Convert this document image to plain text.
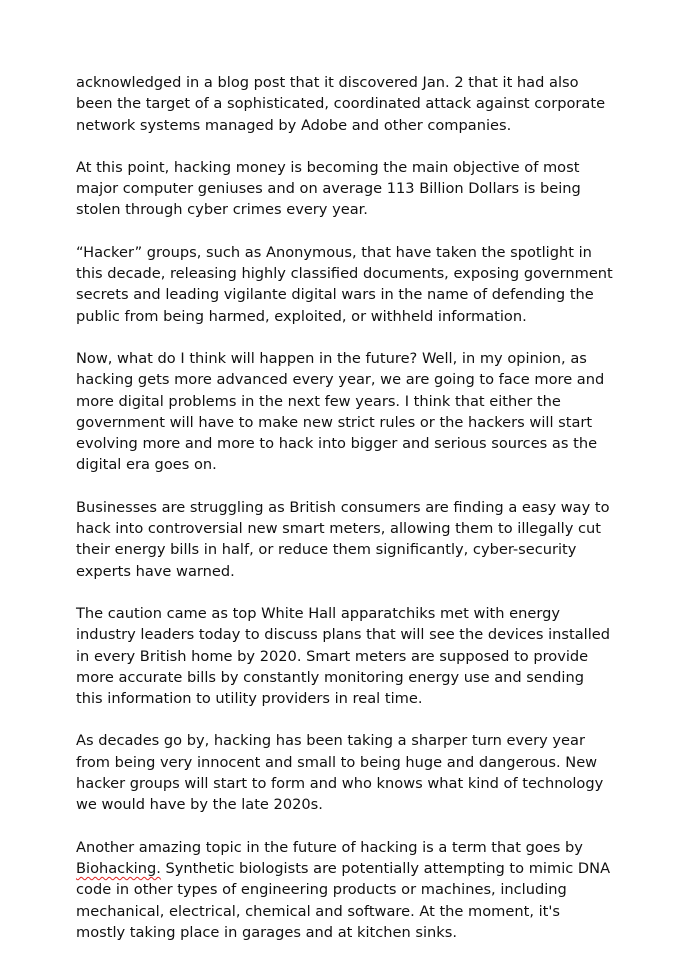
acknowledged in a blog post that it discovered Jan. 2 that it had also
been the target of a sophisticated, coordinated attack against corporate
network systems managed by Adobe and other companies.

At this point, hacking money is becoming the main objective of most
major computer geniuses and on average 113 Billion Dollars is being
stolen through cyber crimes every year.

“Hacker” groups, such as Anonymous, that have taken the spotlight in
this decade, releasing highly classified documents, exposing government
secrets and leading vigilante digital wars in the name of defending the
public from being harmed, exploited, or withheld information.

Now, what do I think will happen in the future? Well, in my opinion, as
hacking gets more advanced every year, we are going to face more and
more digital problems in the next few years. I think that either the
government will have to make new strict rules or the hackers will start
evolving more and more to hack into bigger and serious sources as the
digital era goes on.

Businesses are struggling as British consumers are finding a easy way to
hack into controversial new smart meters, allowing them to illegally cut
their energy bills in half, or reduce them significantly, cyber-security
experts have warned.

The caution came as top White Hall apparatchiks met with energy
industry leaders today to discuss plans that will see the devices installed
in every British home by 2020. Smart meters are supposed to provide
more accurate bills by constantly monitoring energy use and sending
this information to utility providers in real time.

As decades go by, hacking has been taking a sharper turn every year
from being very innocent and small to being huge and dangerous. New
hacker groups will start to form and who knows what kind of technology
we would have by the late 2020s.

Another amazing topic in the future of hacking is a term that goes by
Biohacking. Synthetic biologists are potentially attempting to mimic DNA
code in other types of engineering products or machines, including
mechanical, electrical, chemical and software. At the moment, it's
mostly taking place in garages and at kitchen sinks.
